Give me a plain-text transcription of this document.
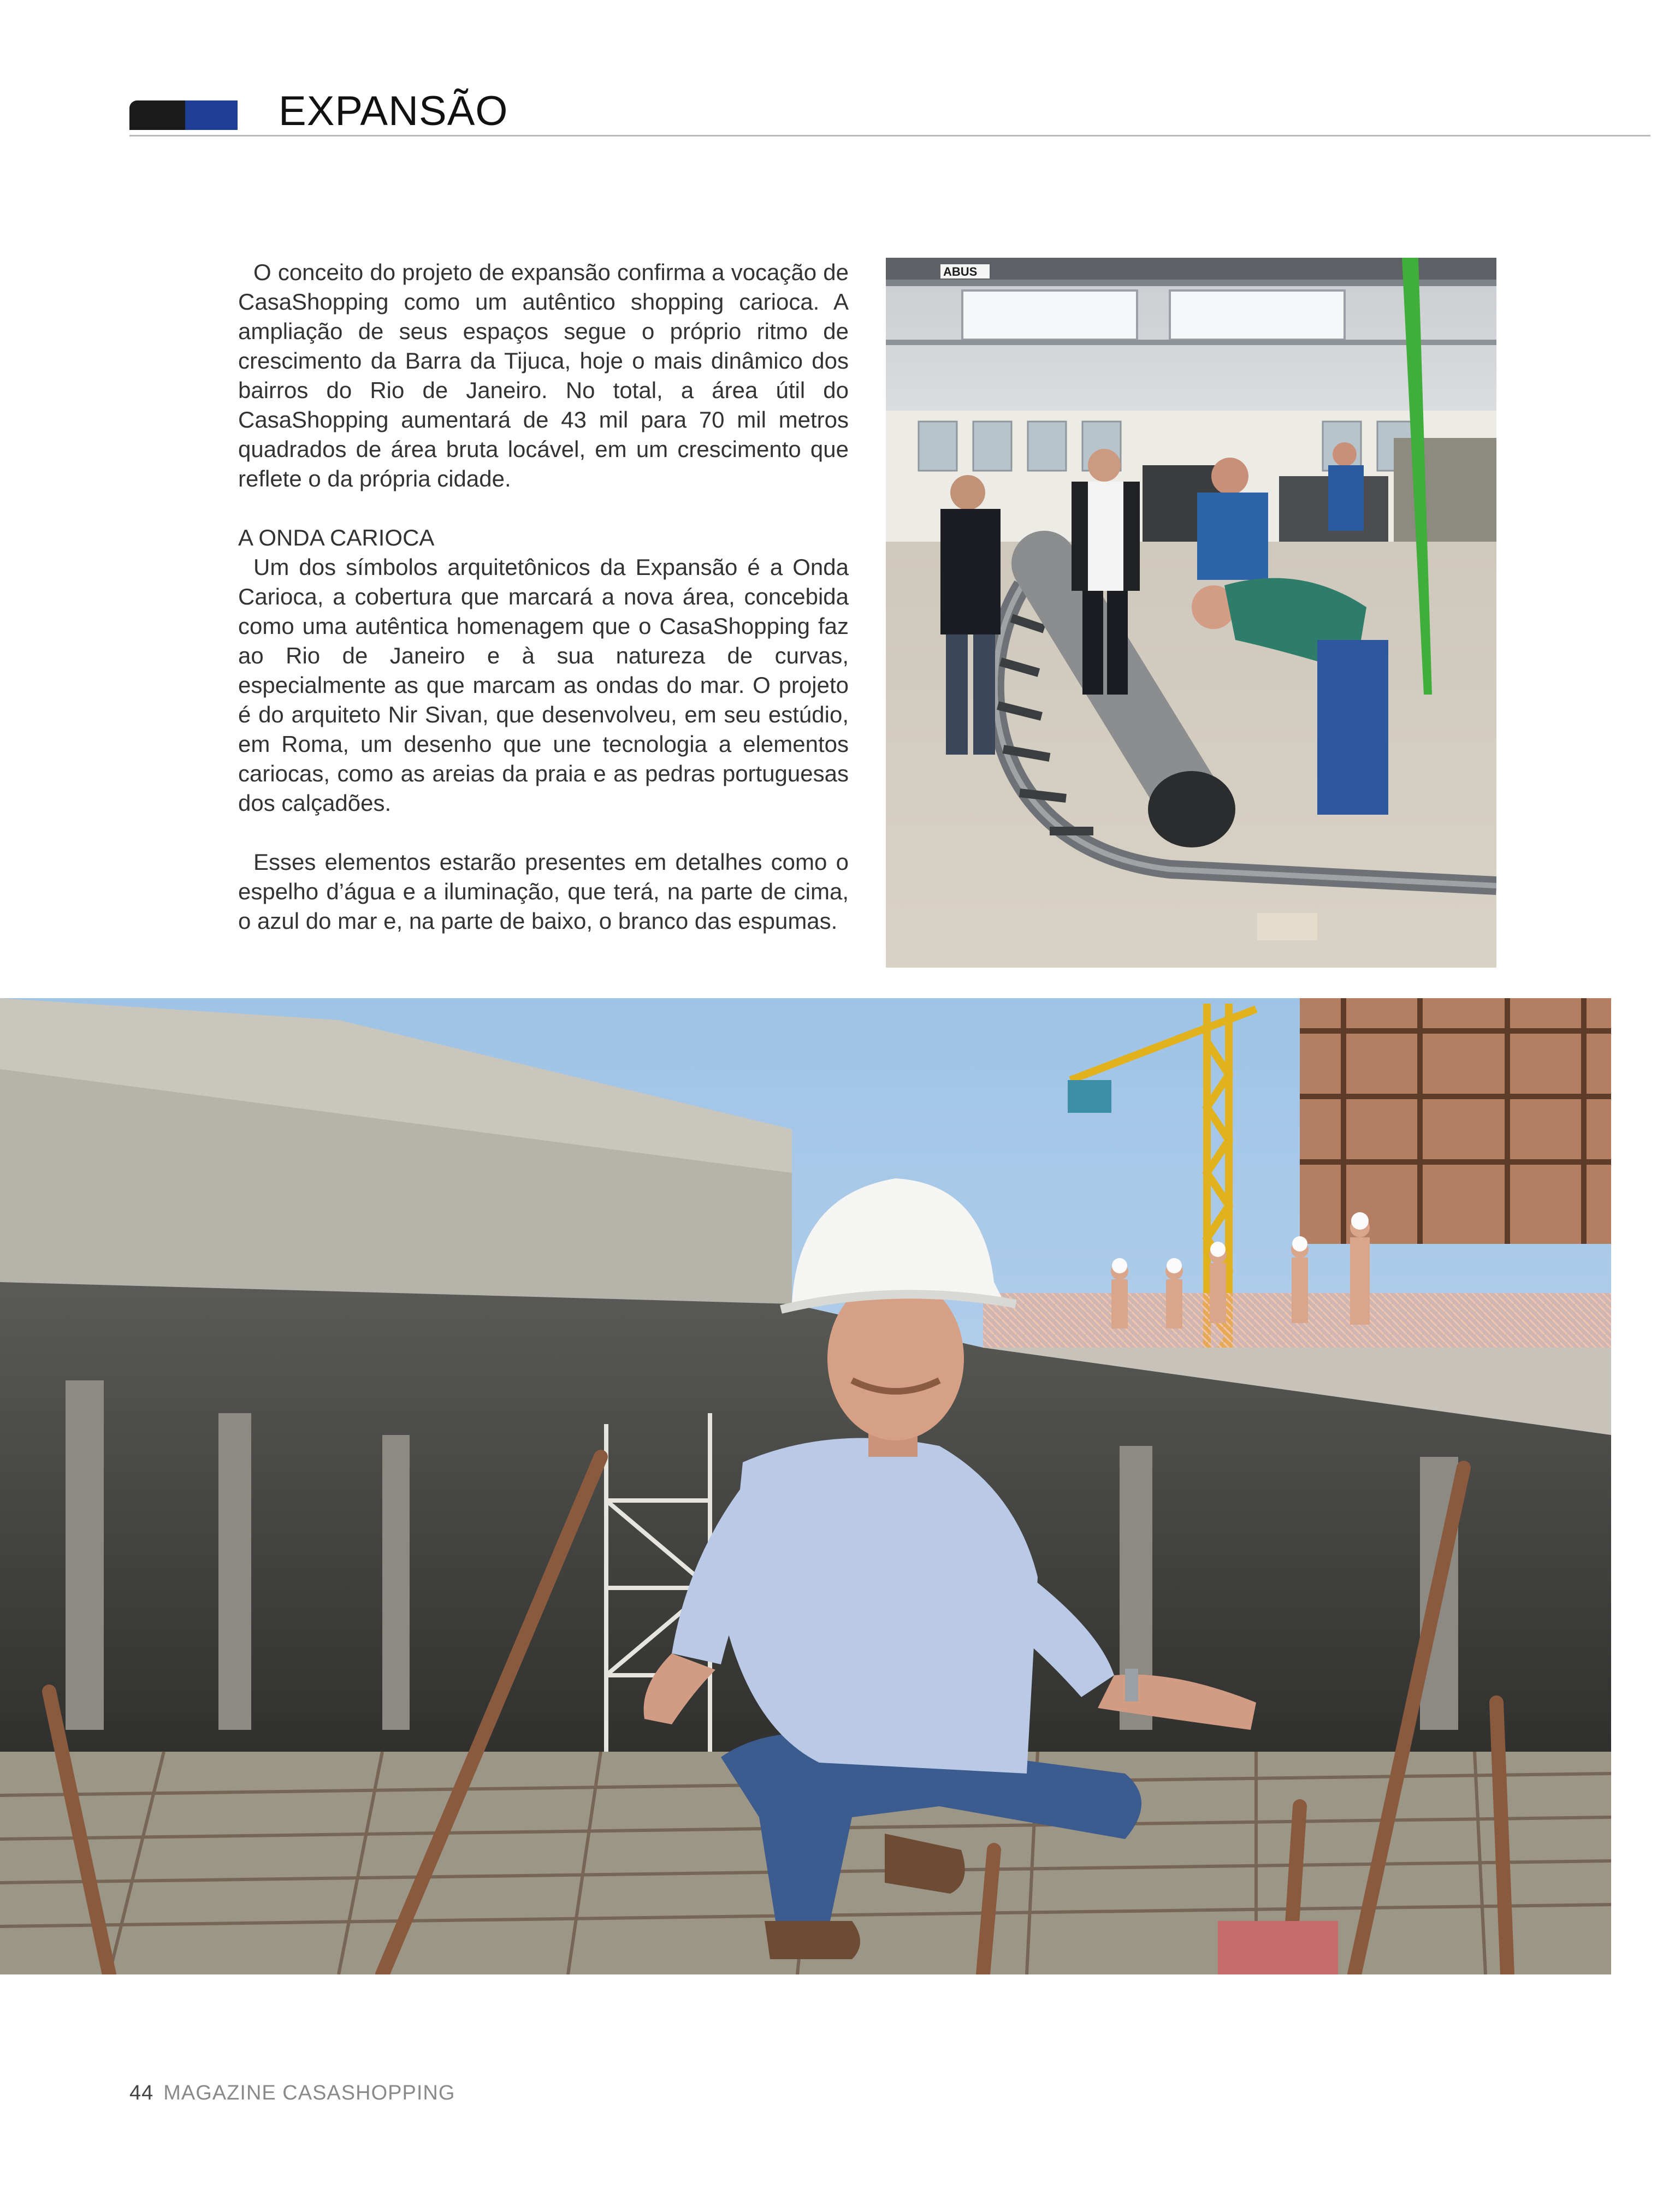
EXPANSÃO

O conceito do projeto de expansão confirma a vocação de CasaShopping como um autêntico shopping carioca. A ampliação de seus espaços segue o próprio ritmo de crescimento da Barra da Tijuca, hoje o mais dinâmico dos bairros do Rio de Janeiro. No total, a área útil do CasaShopping aumentará de 43 mil para 70 mil metros quadrados de área bruta locável, em um crescimento que reflete o da própria cidade.

A ONDA CARIOCA

Um dos símbolos arquitetônicos da Expansão é a Onda Carioca, a cobertura que marcará a nova área, concebida como uma autêntica homenagem que o CasaShopping faz ao Rio de Janeiro e à sua natureza de curvas, especialmente as que marcam as ondas do mar. O projeto é do arquiteto Nir Sivan, que desenvolveu, em seu estúdio, em Roma, um desenho que une tecnologia a elementos cariocas, como as areias da praia e as pedras portuguesas dos calçadões.

Esses elementos estarão presentes em detalhes como o espelho d’água e a iluminação, que terá, na parte de cima, o azul do mar e, na parte de baixo, o branco das espumas.

ABUS
44 MAGAZINE CASASHOPPING
